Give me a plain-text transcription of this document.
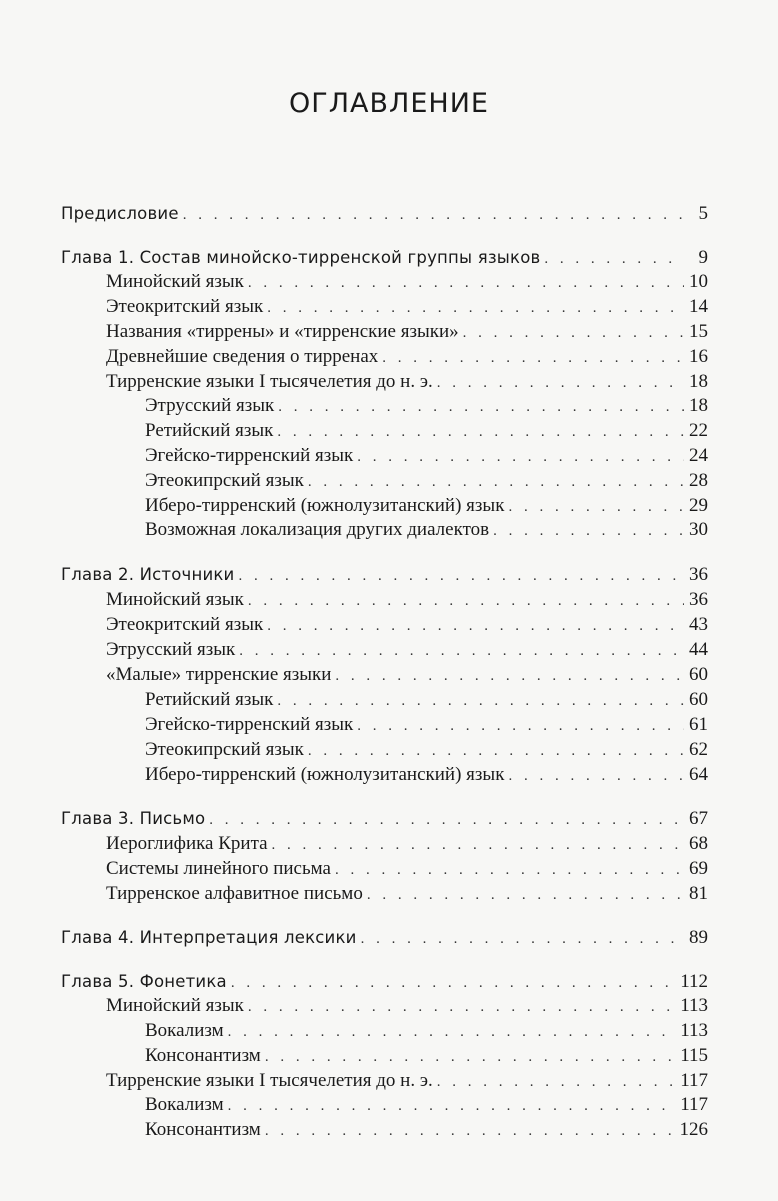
ОГЛАВЛЕНИЕ
Предисловие . . .	5
Глава 1. Состав минойско-тирренской группы языков . . .	9
Минойский язык . . .	10
Этеокритский язык . . .	14
Названия «тиррены» и «тирренские языки» . . .	15
Древнейшие сведения о тирренах . . .	16
Тирренские языки I тысячелетия до н. э. . . .	18
Этрусский язык . . .	18
Ретийский язык . . .	22
Эгейско-тирренский язык . . .	24
Этеокипрский язык . . .	28
Иберо-тирренский (южнолузитанский) язык . . .	29
Возможная локализация других диалектов . . .	30
Глава 2. Источники . . .	36
Минойский язык . . .	36
Этеокритский язык . . .	43
Этрусский язык . . .	44
«Малые» тирренские языки . . .	60
Ретийский язык . . .	60
Эгейско-тирренский язык . . .	61
Этеокипрский язык . . .	62
Иберо-тирренский (южнолузитанский) язык . . .	64
Глава 3. Письмо . . .	67
Иероглифика Крита . . .	68
Системы линейного письма . . .	69
Тирренское алфавитное письмо . . .	81
Глава 4. Интерпретация лексики . . .	89
Глава 5. Фонетика . . .	112
Минойский язык . . .	113
Вокализм . . .	113
Консонантизм . . .	115
Тирренские языки I тысячелетия до н. э. . . .	117
Вокализм . . .	117
Консонантизм . . .	126
